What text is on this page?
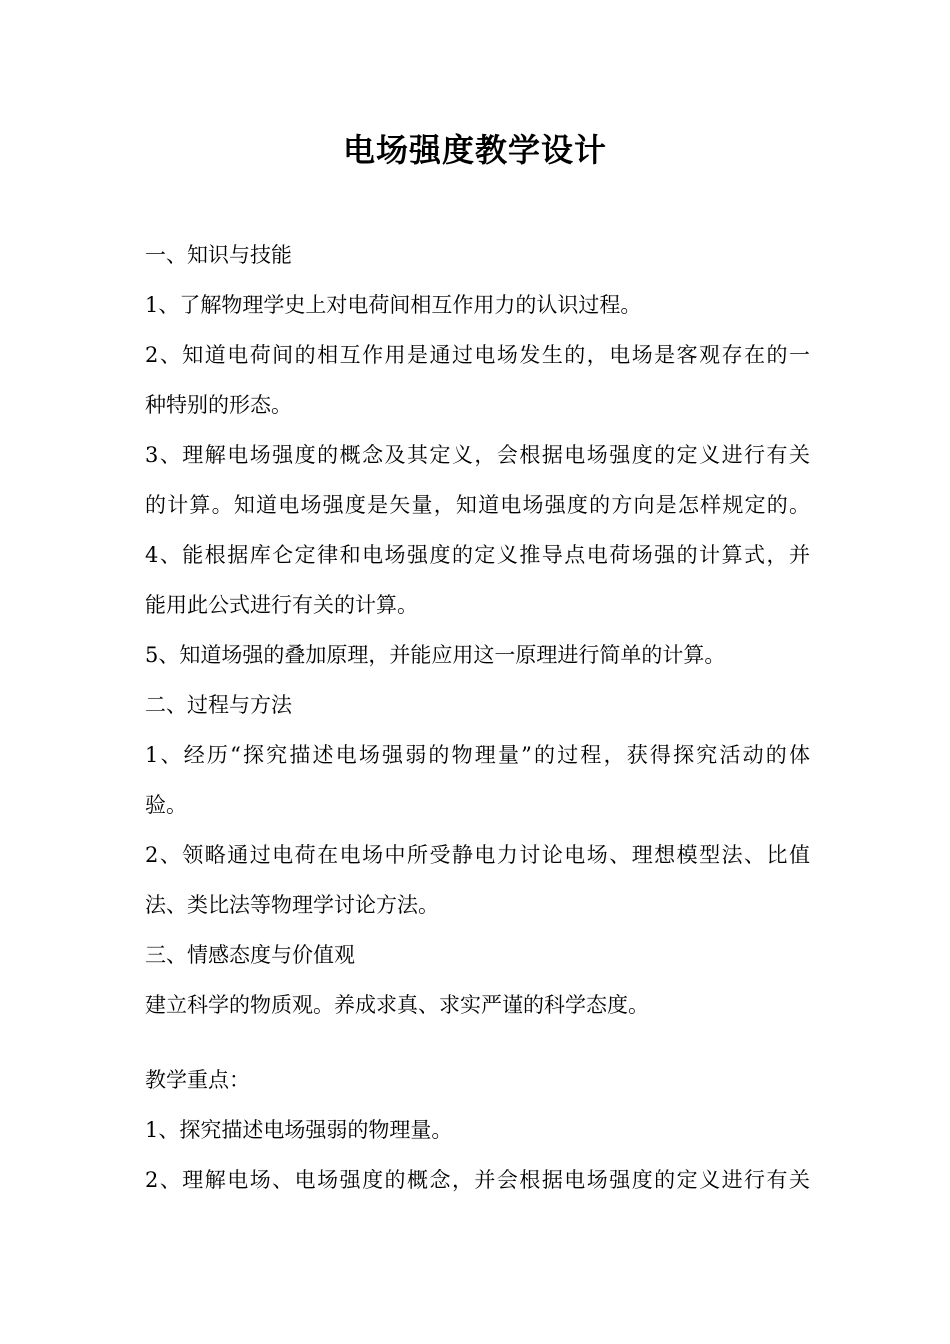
电场强度教学设计
一、知识与技能
1、了解物理学史上对电荷间相互作用力的认识过程。
2、知道电荷间的相互作用是通过电场发生的，电场是客观存在的一
种特别的形态。
3、理解电场强度的概念及其定义，会根据电场强度的定义进行有关
的计算。知道电场强度是矢量，知道电场强度的方向是怎样规定的。
4、能根据库仑定律和电场强度的定义推导点电荷场强的计算式，并
能用此公式进行有关的计算。
5、知道场强的叠加原理，并能应用这一原理进行简单的计算。
二、过程与方法
1、经历“探究描述电场强弱的物理量”的过程，获得探究活动的体
验。
2、领略通过电荷在电场中所受静电力讨论电场、理想模型法、比值
法、类比法等物理学讨论方法。
三、情感态度与价值观
建立科学的物质观。养成求真、求实严谨的科学态度。
教学重点：
1、探究描述电场强弱的物理量。
2、理解电场、电场强度的概念，并会根据电场强度的定义进行有关
